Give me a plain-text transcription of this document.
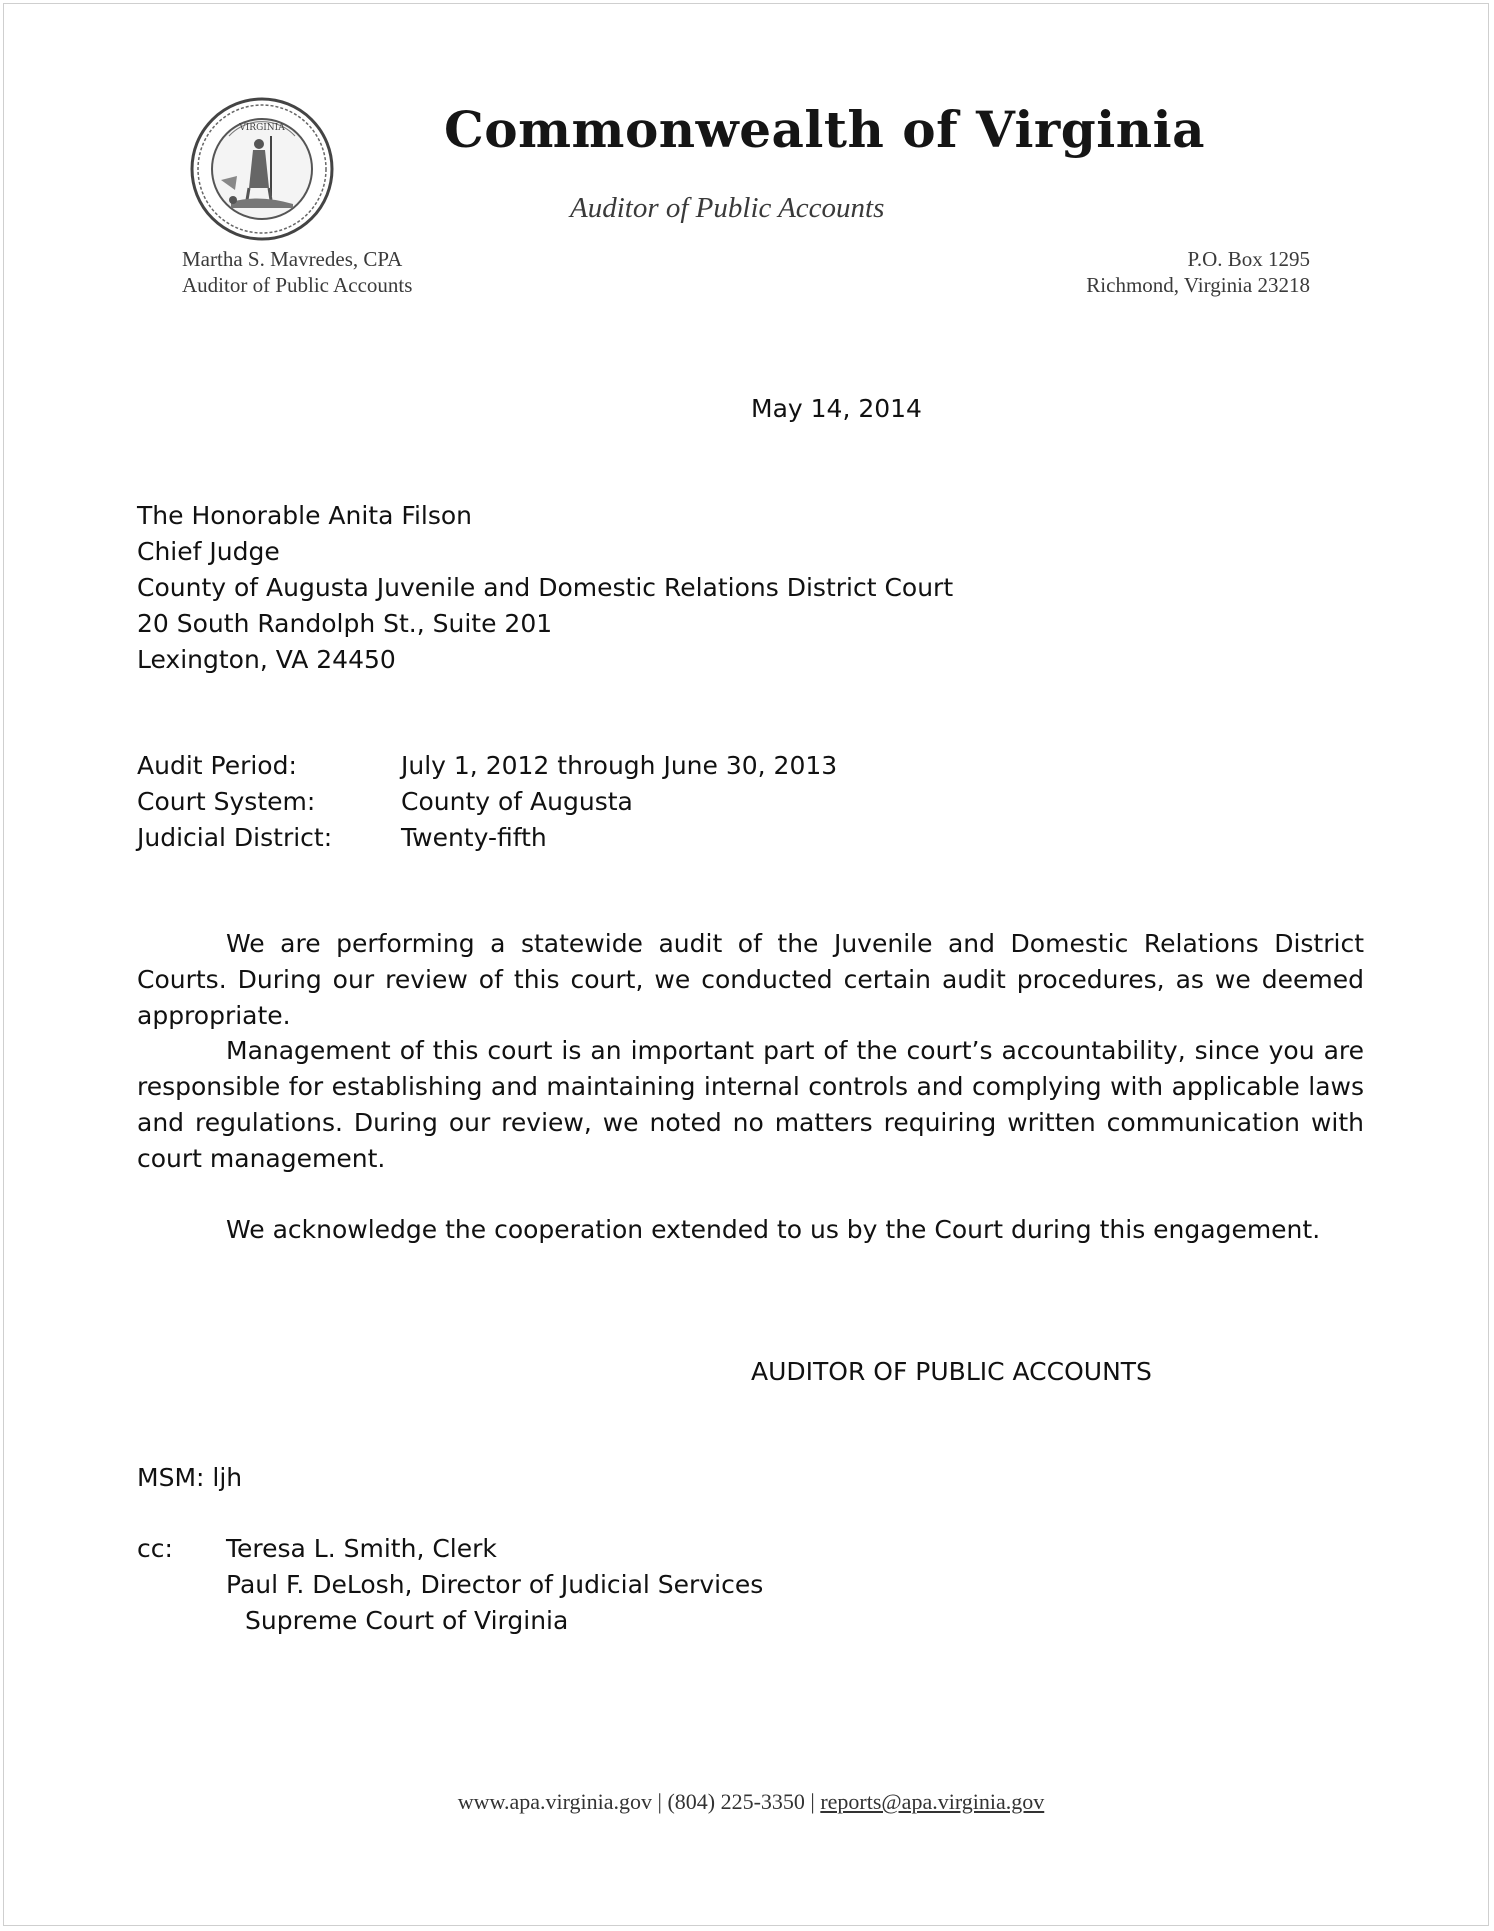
VIRGINIA	Commonwealth of Virginia
Auditor of Public Accounts
Martha S. Mavredes, CPA
Auditor of Public Accounts
P.O. Box 1295
Richmond, Virginia 23218
May 14, 2014
The Honorable Anita Filson
Chief Judge
County of Augusta Juvenile and Domestic Relations District Court
20 South Randolph St., Suite 201
Lexington, VA 24450
Audit Period:	July 1, 2012 through June 30, 2013
Court System:	County of Augusta
Judicial District:	Twenty-fifth
We are performing a statewide audit of the Juvenile and Domestic Relations District Courts. During our review of this court, we conducted certain audit procedures, as we deemed appropriate.
Management of this court is an important part of the court’s accountability, since you are responsible for establishing and maintaining internal controls and complying with applicable laws and regulations. During our review, we noted no matters requiring written communication with court management.
We acknowledge the cooperation extended to us by the Court during this engagement.
AUDITOR OF PUBLIC ACCOUNTS
MSM: ljh
cc: Teresa L. Smith, Clerk
Paul F. DeLosh, Director of Judicial Services
Supreme Court of Virginia
www.apa.virginia.gov | (804) 225-3350 | reports@apa.virginia.gov
